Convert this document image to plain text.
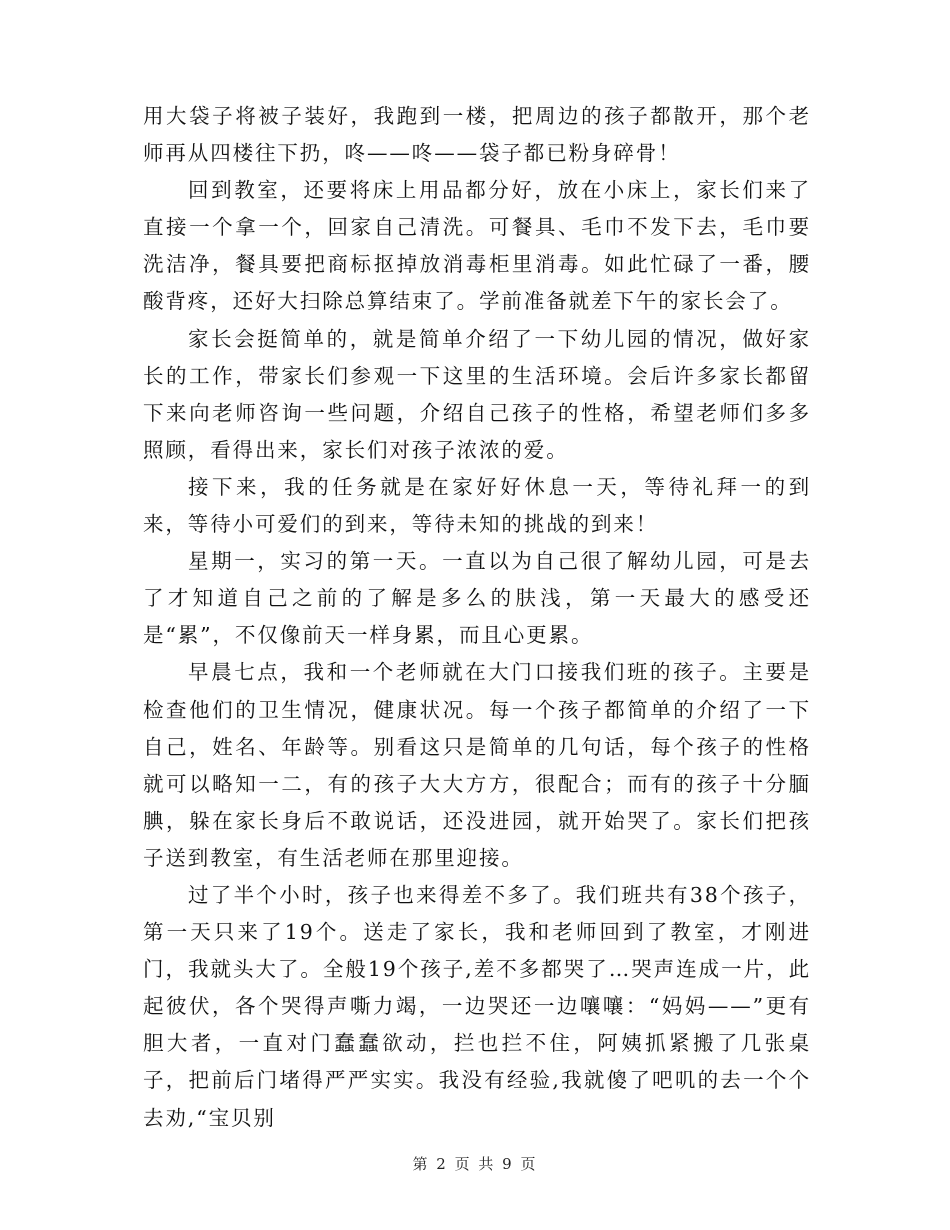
用大袋子将被子装好，我跑到一楼，把周边的孩子都散开，那个老师再从四楼往下扔，咚——咚——袋子都已粉身碎骨！

回到教室，还要将床上用品都分好，放在小床上，家长们来了直接一个拿一个，回家自己清洗。可餐具、毛巾不发下去，毛巾要洗洁净，餐具要把商标抠掉放消毒柜里消毒。如此忙碌了一番，腰酸背疼，还好大扫除总算结束了。学前准备就差下午的家长会了。

家长会挺简单的，就是简单介绍了一下幼儿园的情况，做好家长的工作，带家长们参观一下这里的生活环境。会后许多家长都留下来向老师咨询一些问题，介绍自己孩子的性格，希望老师们多多照顾，看得出来，家长们对孩子浓浓的爱。

接下来，我的任务就是在家好好休息一天，等待礼拜一的到来，等待小可爱们的到来，等待未知的挑战的到来！

星期一，实习的第一天。一直以为自己很了解幼儿园，可是去了才知道自己之前的了解是多么的肤浅，第一天最大的感受还是“累”，不仅像前天一样身累，而且心更累。

早晨七点，我和一个老师就在大门口接我们班的孩子。主要是检查他们的卫生情况，健康状况。每一个孩子都简单的介绍了一下自己，姓名、年龄等。别看这只是简单的几句话，每个孩子的性格就可以略知一二，有的孩子大大方方，很配合；而有的孩子十分腼腆，躲在家长身后不敢说话，还没进园，就开始哭了。家长们把孩子送到教室，有生活老师在那里迎接。

过了半个小时，孩子也来得差不多了。我们班共有38个孩子，第一天只来了19个。送走了家长，我和老师回到了教室，才刚进门，我就头大了。全般19个孩子,差不多都哭了…哭声连成一片，此起彼伏，各个哭得声嘶力竭，一边哭还一边嚷嚷：“妈妈——”更有胆大者，一直对门蠢蠢欲动，拦也拦不住，阿姨抓紧搬了几张桌子，把前后门堵得严严实实。我没有经验,我就傻了吧叽的去一个个去劝,“宝贝别

第 2 页 共 9 页
